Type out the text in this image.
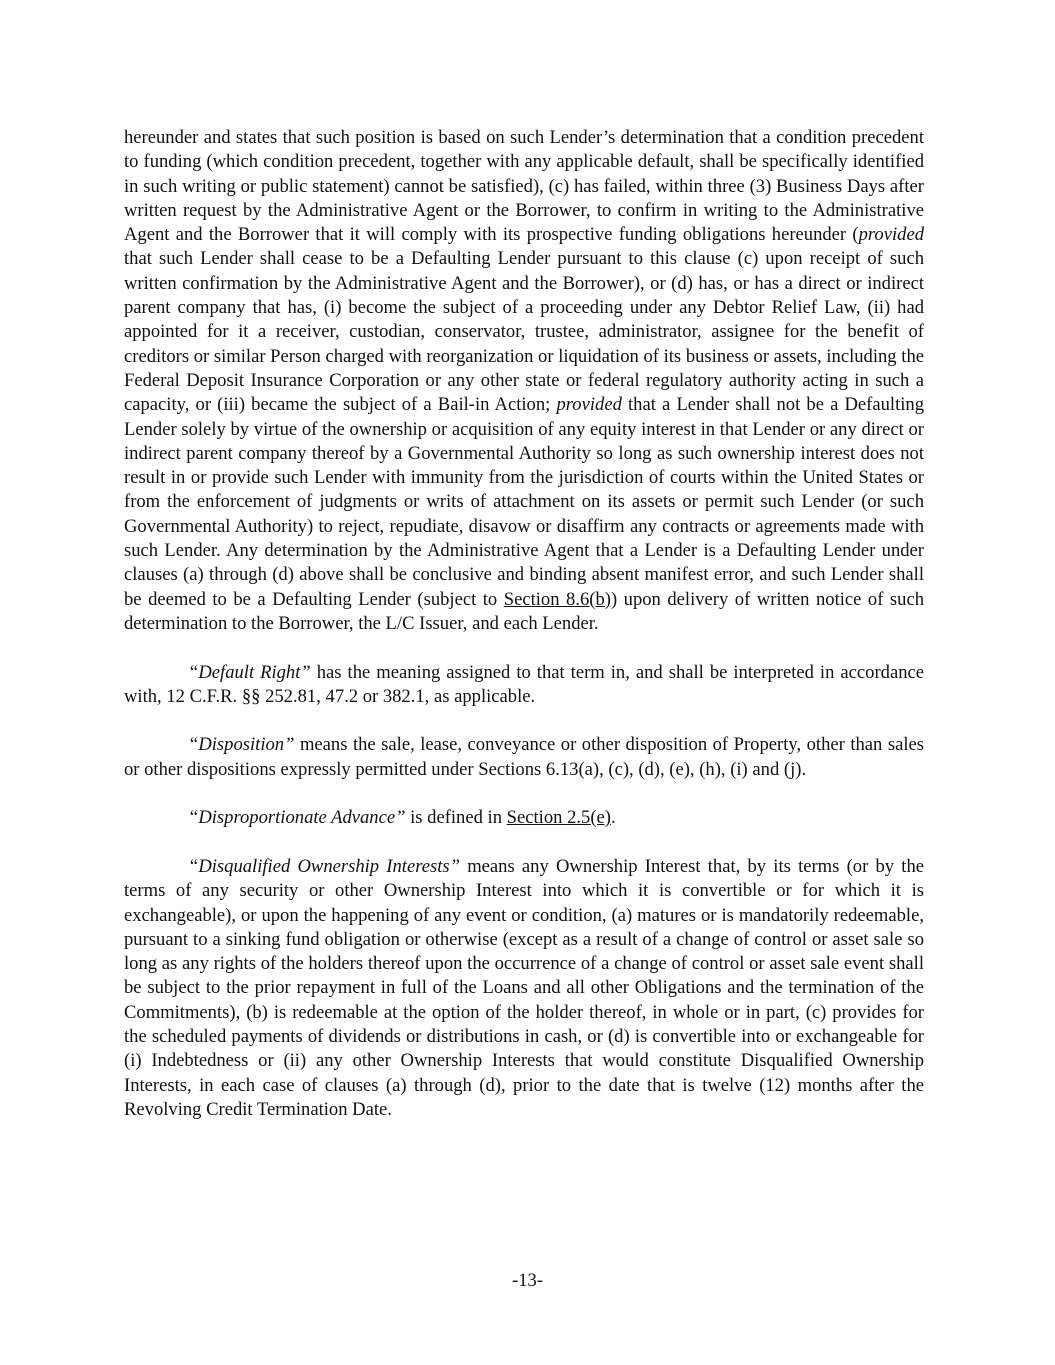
hereunder and states that such position is based on such Lender’s determination that a condition precedent to funding (which condition precedent, together with any applicable default, shall be specifically identified in such writing or public statement) cannot be satisfied), (c) has failed, within three (3) Business Days after written request by the Administrative Agent or the Borrower, to confirm in writing to the Administrative Agent and the Borrower that it will comply with its prospective funding obligations hereunder (provided that such Lender shall cease to be a Defaulting Lender pursuant to this clause (c) upon receipt of such written confirmation by the Administrative Agent and the Borrower), or (d) has, or has a direct or indirect parent company that has, (i) become the subject of a proceeding under any Debtor Relief Law, (ii) had appointed for it a receiver, custodian, conservator, trustee, administrator, assignee for the benefit of creditors or similar Person charged with reorganization or liquidation of its business or assets, including the Federal Deposit Insurance Corporation or any other state or federal regulatory authority acting in such a capacity, or (iii) became the subject of a Bail-in Action; provided that a Lender shall not be a Defaulting Lender solely by virtue of the ownership or acquisition of any equity interest in that Lender or any direct or indirect parent company thereof by a Governmental Authority so long as such ownership interest does not result in or provide such Lender with immunity from the jurisdiction of courts within the United States or from the enforcement of judgments or writs of attachment on its assets or permit such Lender (or such Governmental Authority) to reject, repudiate, disavow or disaffirm any contracts or agreements made with such Lender. Any determination by the Administrative Agent that a Lender is a Defaulting Lender under clauses (a) through (d) above shall be conclusive and binding absent manifest error, and such Lender shall be deemed to be a Defaulting Lender (subject to Section 8.6(b)) upon delivery of written notice of such determination to the Borrower, the L/C Issuer, and each Lender.

“Default Right” has the meaning assigned to that term in, and shall be interpreted in accordance with, 12 C.F.R. §§ 252.81, 47.2 or 382.1, as applicable.

“Disposition” means the sale, lease, conveyance or other disposition of Property, other than sales or other dispositions expressly permitted under Sections 6.13(a), (c), (d), (e), (h), (i) and (j).

“Disproportionate Advance” is defined in Section 2.5(e).

“Disqualified Ownership Interests” means any Ownership Interest that, by its terms (or by the terms of any security or other Ownership Interest into which it is convertible or for which it is exchangeable), or upon the happening of any event or condition, (a) matures or is mandatorily redeemable, pursuant to a sinking fund obligation or otherwise (except as a result of a change of control or asset sale so long as any rights of the holders thereof upon the occurrence of a change of control or asset sale event shall be subject to the prior repayment in full of the Loans and all other Obligations and the termination of the Commitments), (b) is redeemable at the option of the holder thereof, in whole or in part, (c) provides for the scheduled payments of dividends or distributions in cash, or (d) is convertible into or exchangeable for (i) Indebtedness or (ii) any other Ownership Interests that would constitute Disqualified Ownership Interests, in each case of clauses (a) through (d), prior to the date that is twelve (12) months after the Revolving Credit Termination Date.

-13-
